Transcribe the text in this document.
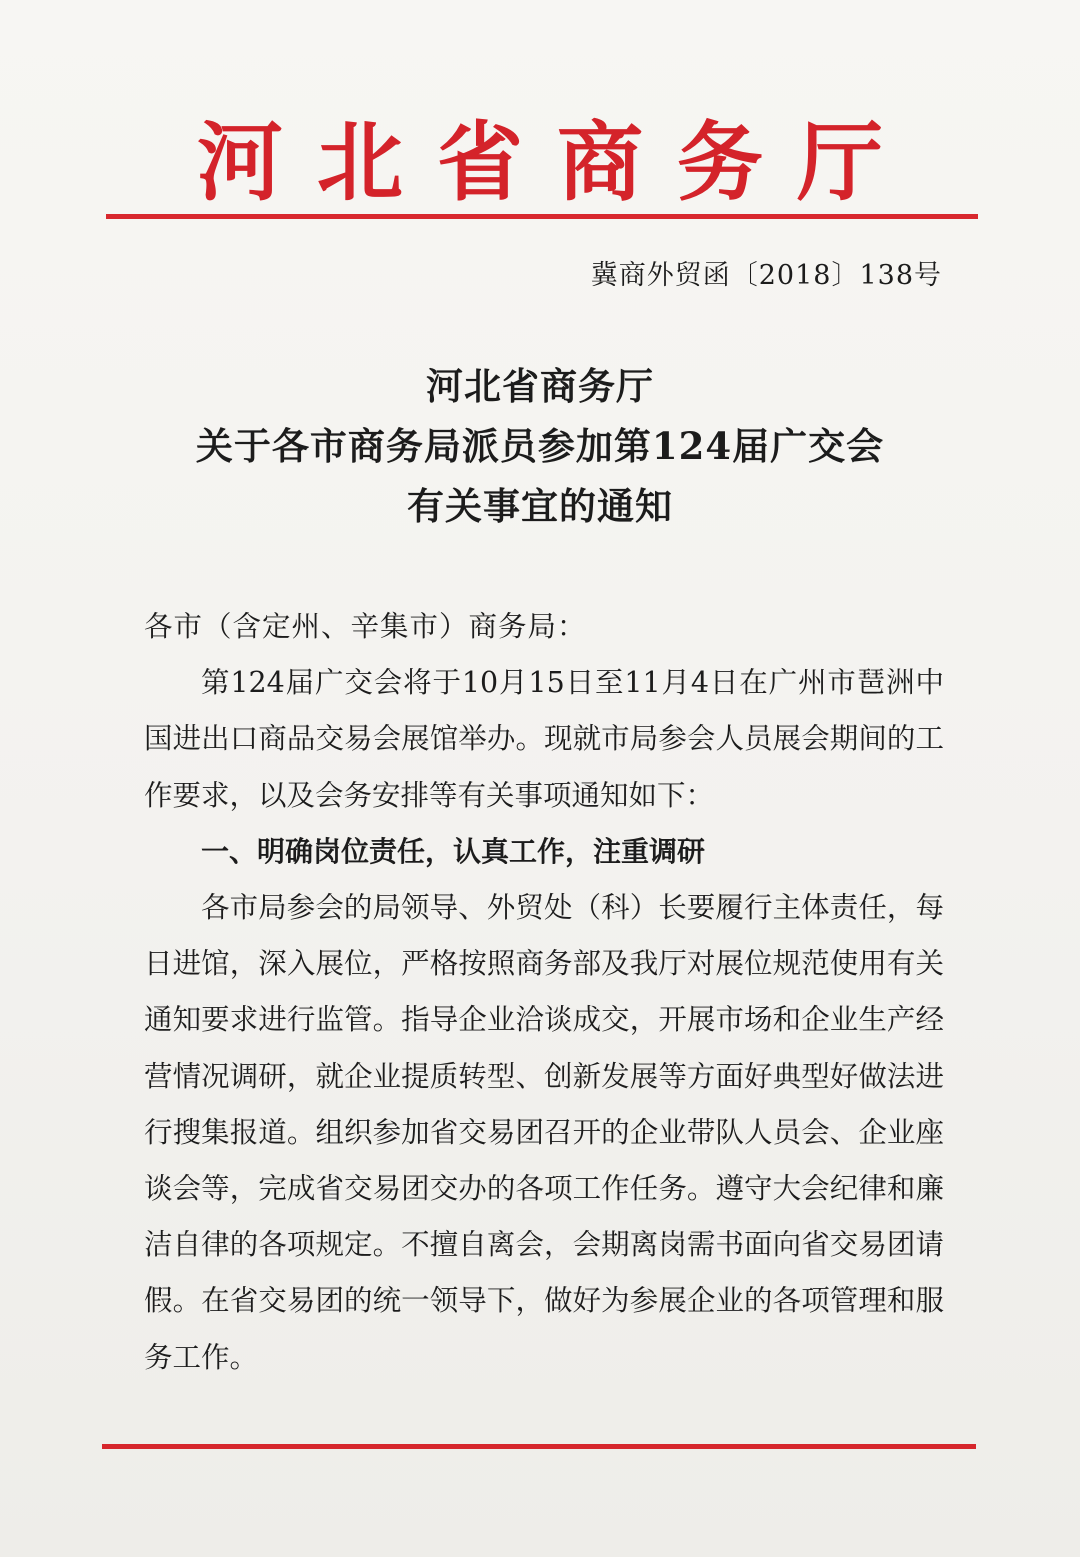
河北省商务厅
冀商外贸函〔2018〕138号
河北省商务厅
关于各市商务局派员参加第124届广交会
有关事宜的通知

各市（含定州、辛集市）商务局：

第124届广交会将于10月15日至11月4日在广州市琶洲中国进出口商品交易会展馆举办。现就市局参会人员展会期间的工作要求，以及会务安排等有关事项通知如下：

一、明确岗位责任，认真工作，注重调研

各市局参会的局领导、外贸处（科）长要履行主体责任，每日进馆，深入展位，严格按照商务部及我厅对展位规范使用有关通知要求进行监管。指导企业洽谈成交，开展市场和企业生产经营情况调研，就企业提质转型、创新发展等方面好典型好做法进行搜集报道。组织参加省交易团召开的企业带队人员会、企业座谈会等，完成省交易团交办的各项工作任务。遵守大会纪律和廉洁自律的各项规定。不擅自离会，会期离岗需书面向省交易团请假。在省交易团的统一领导下，做好为参展企业的各项管理和服务工作。
